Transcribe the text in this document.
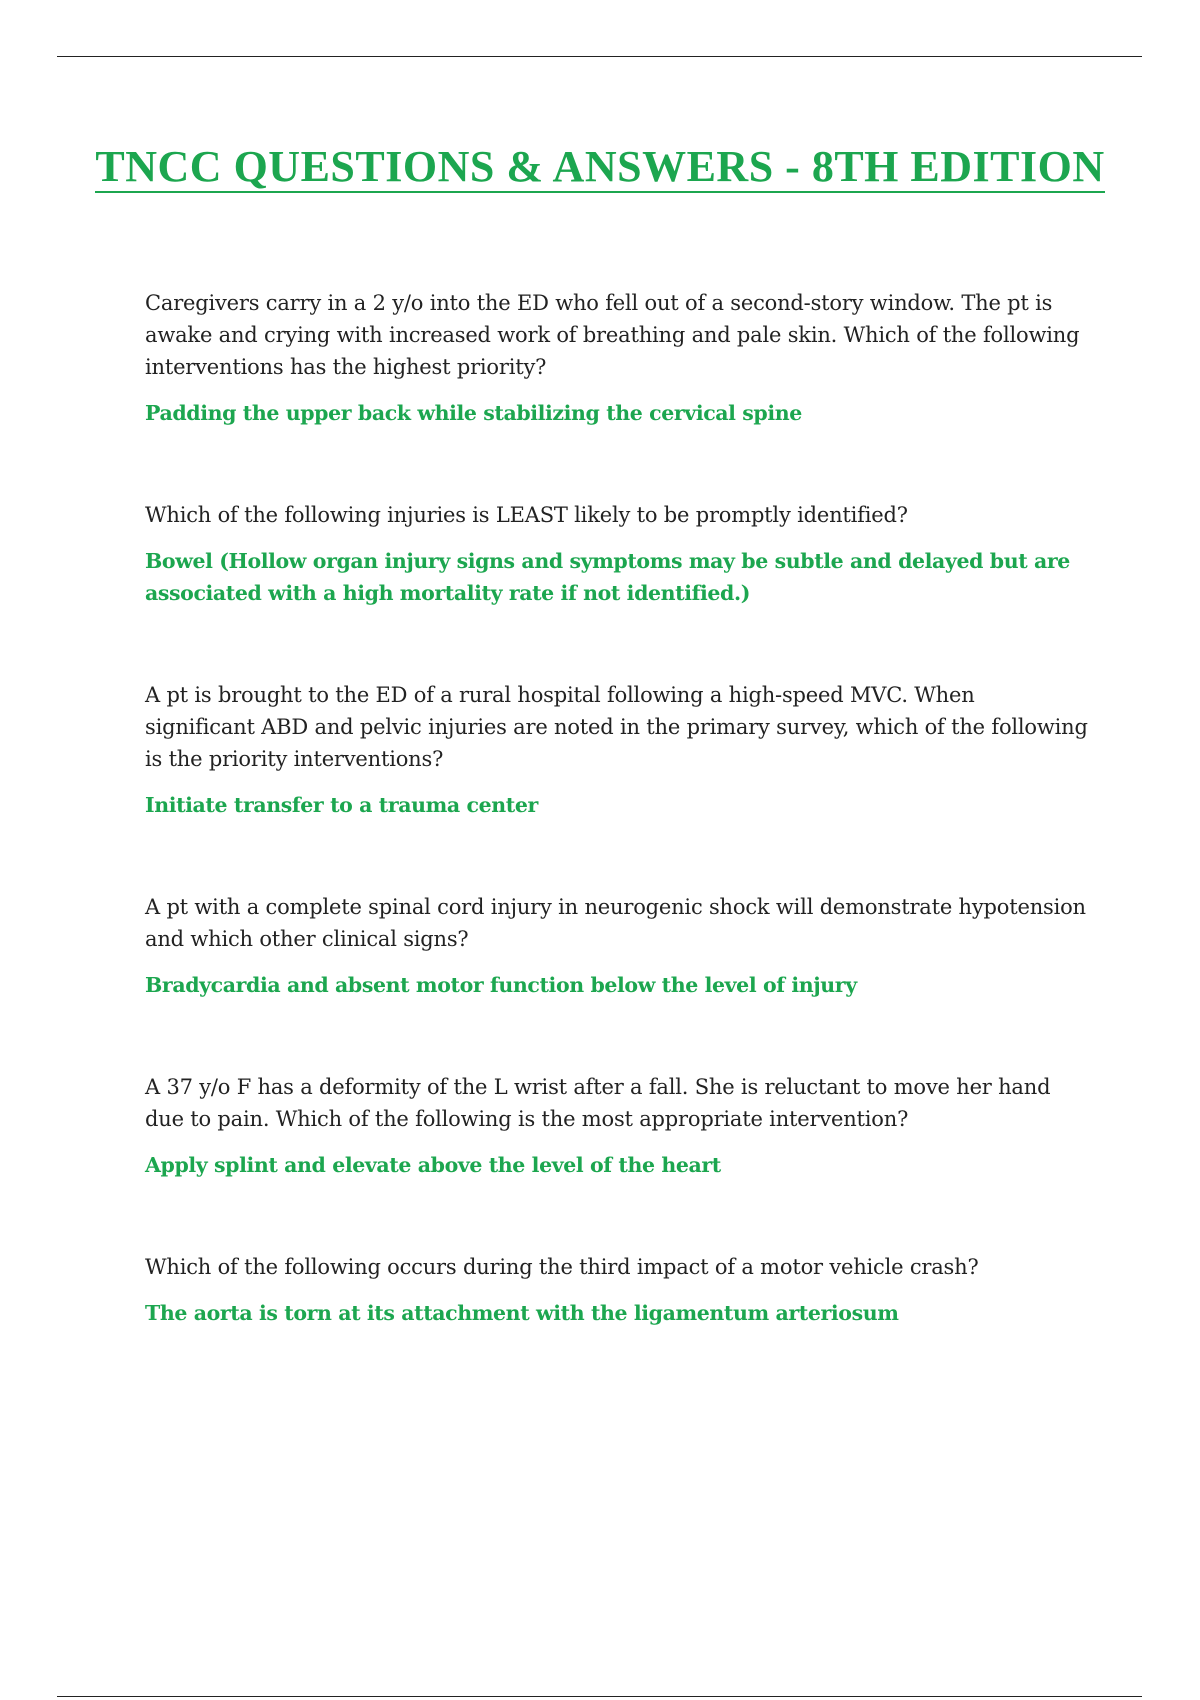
TNCC QUESTIONS & ANSWERS - 8TH EDITION

Caregivers carry in a 2 y/o into the ED who fell out of a second-story window. The pt is awake and crying with increased work of breathing and pale skin. Which of the following interventions has the highest priority?

Padding the upper back while stabilizing the cervical spine

Which of the following injuries is LEAST likely to be promptly identified?

Bowel (Hollow organ injury signs and symptoms may be subtle and delayed but are associated with a high mortality rate if not identified.)

A pt is brought to the ED of a rural hospital following a high-speed MVC. When significant ABD and pelvic injuries are noted in the primary survey, which of the following is the priority interventions?

Initiate transfer to a trauma center

A pt with a complete spinal cord injury in neurogenic shock will demonstrate hypotension and which other clinical signs?

Bradycardia and absent motor function below the level of injury

A 37 y/o F has a deformity of the L wrist after a fall. She is reluctant to move her hand due to pain. Which of the following is the most appropriate intervention?

Apply splint and elevate above the level of the heart

Which of the following occurs during the third impact of a motor vehicle crash?

The aorta is torn at its attachment with the ligamentum arteriosum
